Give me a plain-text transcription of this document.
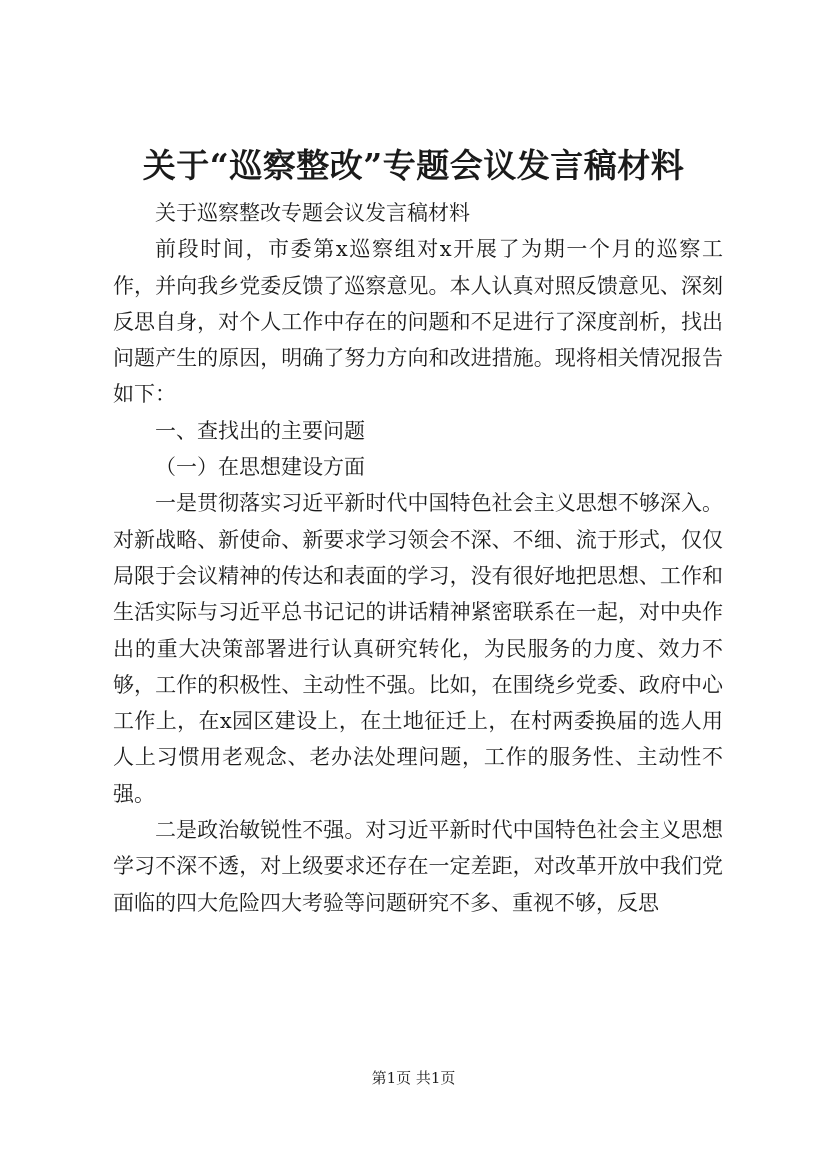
关于“巡察整改”专题会议发言稿材料

关于巡察整改专题会议发言稿材料

前段时间，市委第x巡察组对x开展了为期一个月的巡察工作，并向我乡党委反馈了巡察意见。本人认真对照反馈意见、深刻反思自身，对个人工作中存在的问题和不足进行了深度剖析，找出问题产生的原因，明确了努力方向和改进措施。现将相关情况报告如下：

一、查找出的主要问题

（一）在思想建设方面

一是贯彻落实习近平新时代中国特色社会主义思想不够深入。对新战略、新使命、新要求学习领会不深、不细、流于形式，仅仅局限于会议精神的传达和表面的学习，没有很好地把思想、工作和生活实际与习近平总书记记的讲话精神紧密联系在一起，对中央作出的重大决策部署进行认真研究转化，为民服务的力度、效力不够，工作的积极性、主动性不强。比如，在围绕乡党委、政府中心工作上，在x园区建设上，在土地征迁上，在村两委换届的选人用人上习惯用老观念、老办法处理问题，工作的服务性、主动性不强。

二是政治敏锐性不强。对习近平新时代中国特色社会主义思想学习不深不透，对上级要求还存在一定差距，对改革开放中我们党面临的四大危险四大考验等问题研究不多、重视不够，反思

第1页 共1页
